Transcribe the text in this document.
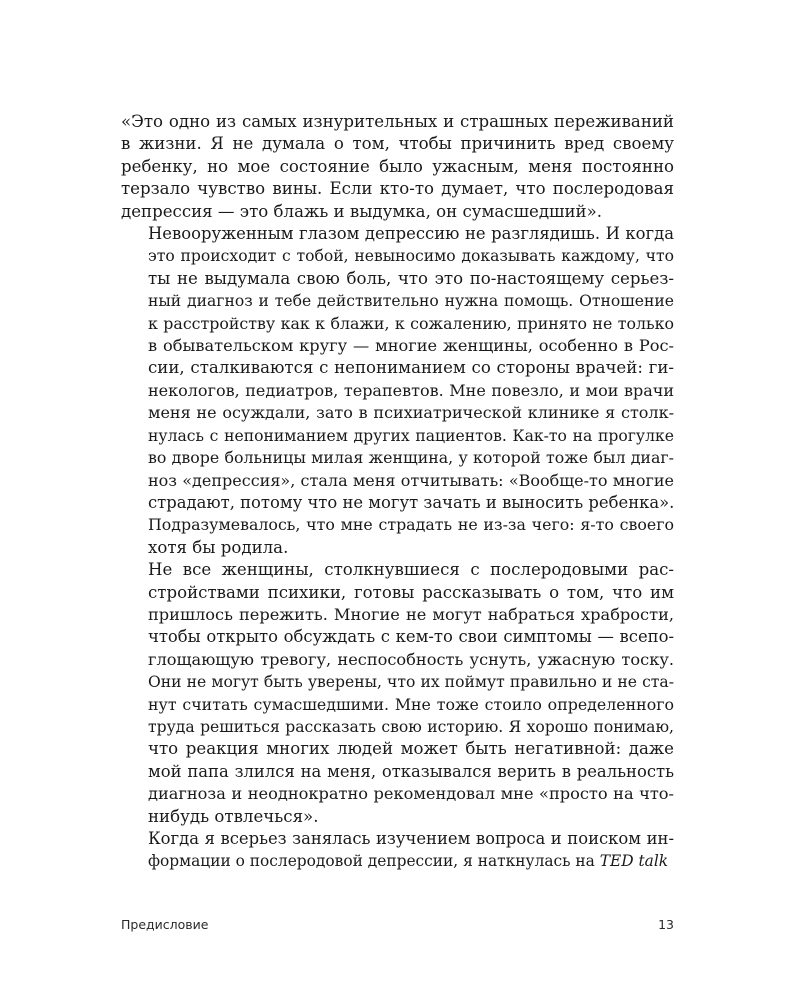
«Это одно из самых изнурительных и страшных переживаний
в жизни. Я не думала о том, чтобы причинить вред своему
ребенку, но мое состояние было ужасным, меня постоянно
терзало чувство вины. Если кто-то думает, что послеродовая
депрессия — это блажь и выдумка, он сумасшедший».

Невооруженным глазом депрессию не разглядишь. И когда
это происходит с тобой, невыносимо доказывать каждому, что
ты не выдумала свою боль, что это по-настоящему серьез-
ный диагноз и тебе действительно нужна помощь. Отношение
к расстройству как к блажи, к сожалению, принято не только
в обывательском кругу — многие женщины, особенно в Рос-
сии, сталкиваются с непониманием со стороны врачей: ги-
некологов, педиатров, терапевтов. Мне повезло, и мои врачи
меня не осуждали, зато в психиатрической клинике я столк-
нулась с непониманием других пациентов. Как-то на прогулке
во дворе больницы милая женщина, у которой тоже был диаг-
ноз «депрессия», стала меня отчитывать: «Вообще-то многие
страдают, потому что не могут зачать и выносить ребенка».
Подразумевалось, что мне страдать не из-за чего: я-то своего
хотя бы родила.

Не все женщины, столкнувшиеся с послеродовыми рас-
стройствами психики, готовы рассказывать о том, что им
пришлось пережить. Многие не могут набраться храбрости,
чтобы открыто обсуждать с кем-то свои симптомы — всепо-
глощающую тревогу, неспособность уснуть, ужасную тоску.
Они не могут быть уверены, что их поймут правильно и не ста-
нут считать сумасшедшими. Мне тоже стоило определенного
труда решиться рассказать свою историю. Я хорошо понимаю,
что реакция многих людей может быть негативной: даже
мой папа злился на меня, отказывался верить в реальность
диагноза и неоднократно рекомендовал мне «просто на что-
нибудь отвлечься».

Когда я всерьез занялась изучением вопроса и поиском ин-
формации о послеродовой депрессии, я наткнулась на TED talk

Предисловие	13
